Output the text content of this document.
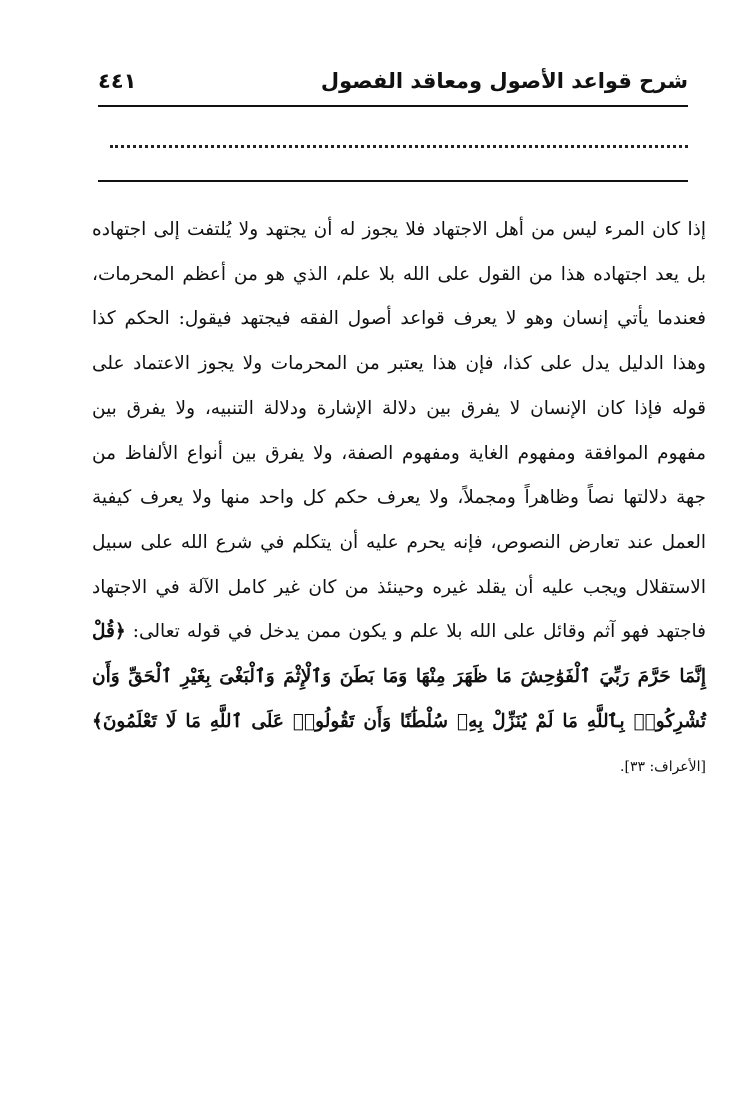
شرح قواعد الأصول ومعاقد الفصول
٤٤١

إذا كان المرء ليس من أهل الاجتهاد فلا يجوز له أن يجتهد ولا يُلتفت إلى اجتهاده بل يعد اجتهاده هذا من القول على الله بلا علم، الذي هو من أعظم المحرمات، فعندما يأتي إنسان وهو لا يعرف قواعد أصول الفقه فيجتهد فيقول: الحكم كذا وهذا الدليل يدل على كذا، فإن هذا يعتبر من المحرمات ولا يجوز الاعتماد على قوله فإذا كان الإنسان لا يفرق بين دلالة الإشارة ودلالة التنبيه، ولا يفرق بين مفهوم الموافقة ومفهوم الغاية ومفهوم الصفة، ولا يفرق بين أنواع الألفاظ من جهة دلالتها نصاً وظاهراً ومجملاً، ولا يعرف حكم كل واحد منها ولا يعرف كيفية العمل عند تعارض النصوص، فإنه يحرم عليه أن يتكلم في شرع الله على سبيل الاستقلال ويجب عليه أن يقلد غيره وحينئذ من كان غير كامل الآلة في الاجتهاد فاجتهد فهو آثم وقائل على الله بلا علم و يكون ممن يدخل في قوله تعالى: ﴿قُلْ إِنَّمَا حَرَّمَ رَبِّيَ ٱلْفَوَٰحِشَ مَا ظَهَرَ مِنْهَا وَمَا بَطَنَ وَٱلْإِثْمَ وَٱلْبَغْىَ بِغَيْرِ ٱلْحَقِّ وَأَن تُشْرِكُوا۟ بِٱللَّهِ مَا لَمْ يُنَزِّلْ بِهِۦ سُلْطَٰنًا وَأَن تَقُولُوا۟ عَلَى ٱللَّهِ مَا لَا تَعْلَمُونَ﴾ [الأعراف: ٣٣].
